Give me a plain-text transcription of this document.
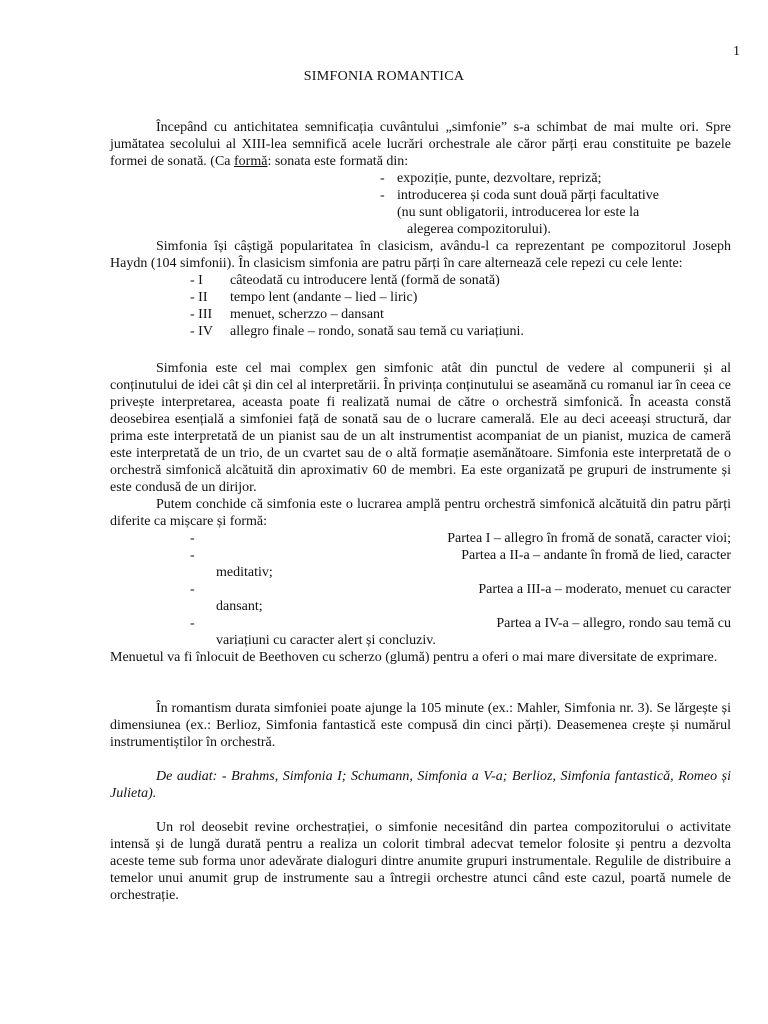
1
SIMFONIA ROMANTICA

Începând cu antichitatea semnificația cuvântului „simfonie” s-a schimbat de mai multe ori. Spre jumătatea secolului al XIII-lea semnifică acele lucrări orchestrale ale căror părți erau constituite pe bazele formei de sonată. (Ca formă: sonata este formată din:

- expoziție, punte, dezvoltare, repriză;
- introducerea și coda sunt două părți facultative
(nu sunt obligatorii, introducerea lor este la
alegerea compozitorului).

Simfonia își câștigă popularitatea în clasicism, avându-l ca reprezentant pe compozitorul Joseph Haydn (104 simfonii). În clasicism simfonia are patru părți în care alternează cele repezi cu cele lente:

- I	câteodată cu introducere lentă (formă de sonată)
- II	tempo lent (andante – lied – liric)
- III	menuet, scherzzo – dansant
- IV	allegro finale – rondo, sonată sau temă cu variațiuni.

Simfonia este cel mai complex gen simfonic atât din punctul de vedere al compunerii și al conținutului de idei cât și din cel al interpretării. În privința conținutului se aseamănă cu romanul iar în ceea ce privește interpretarea, aceasta poate fi realizată numai de către o orchestră simfonică. În aceasta constă deosebirea esențială a simfoniei față de sonată sau de o lucrare camerală. Ele au deci aceeași structură, dar prima este interpretată de un pianist sau de un alt instrumentist acompaniat de un pianist, muzica de cameră este interpretată de un trio, de un cvartet sau de o altă formație asemănătoare. Simfonia este interpretată de o orchestră simfonică alcătuită din aproximativ 60 de membri. Ea este organizată pe grupuri de instrumente și este condusă de un dirijor.

Putem conchide că simfonia este o lucrarea amplă pentru orchestră simfonică alcătuită din patru părți diferite ca mișcare și formă:

-	Partea I – allegro în fromă de sonată, caracter vioi;
-	Partea a II-a – andante în fromă de lied, caracter
meditativ;
-	Partea a III-a – moderato, menuet cu caracter
dansant;
-	Partea a IV-a – allegro, rondo sau temă cu
variațiuni cu caracter alert și concluziv.

Menuetul va fi înlocuit de Beethoven cu scherzo (glumă) pentru a oferi o mai mare diversitate de exprimare.

În romantism durata simfoniei poate ajunge la 105 minute (ex.: Mahler, Simfonia nr. 3). Se lărgește și dimensiunea (ex.: Berlioz, Simfonia fantastică este compusă din cinci părți). Deasemenea crește și numărul instrumentiștilor în orchestră.

De audiat: - Brahms, Simfonia I; Schumann, Simfonia a V-a; Berlioz, Simfonia fantastică, Romeo și Julieta).

Un rol deosebit revine orchestrației, o simfonie necesitând din partea compozitorului o activitate intensă și de lungă durată pentru a realiza un colorit timbral adecvat temelor folosite și pentru a dezvolta aceste teme sub forma unor adevărate dialoguri dintre anumite grupuri instrumentale. Regulile de distribuire a temelor unui anumit grup de instrumente sau a întregii orchestre atunci când este cazul, poartă numele de orchestrație.
